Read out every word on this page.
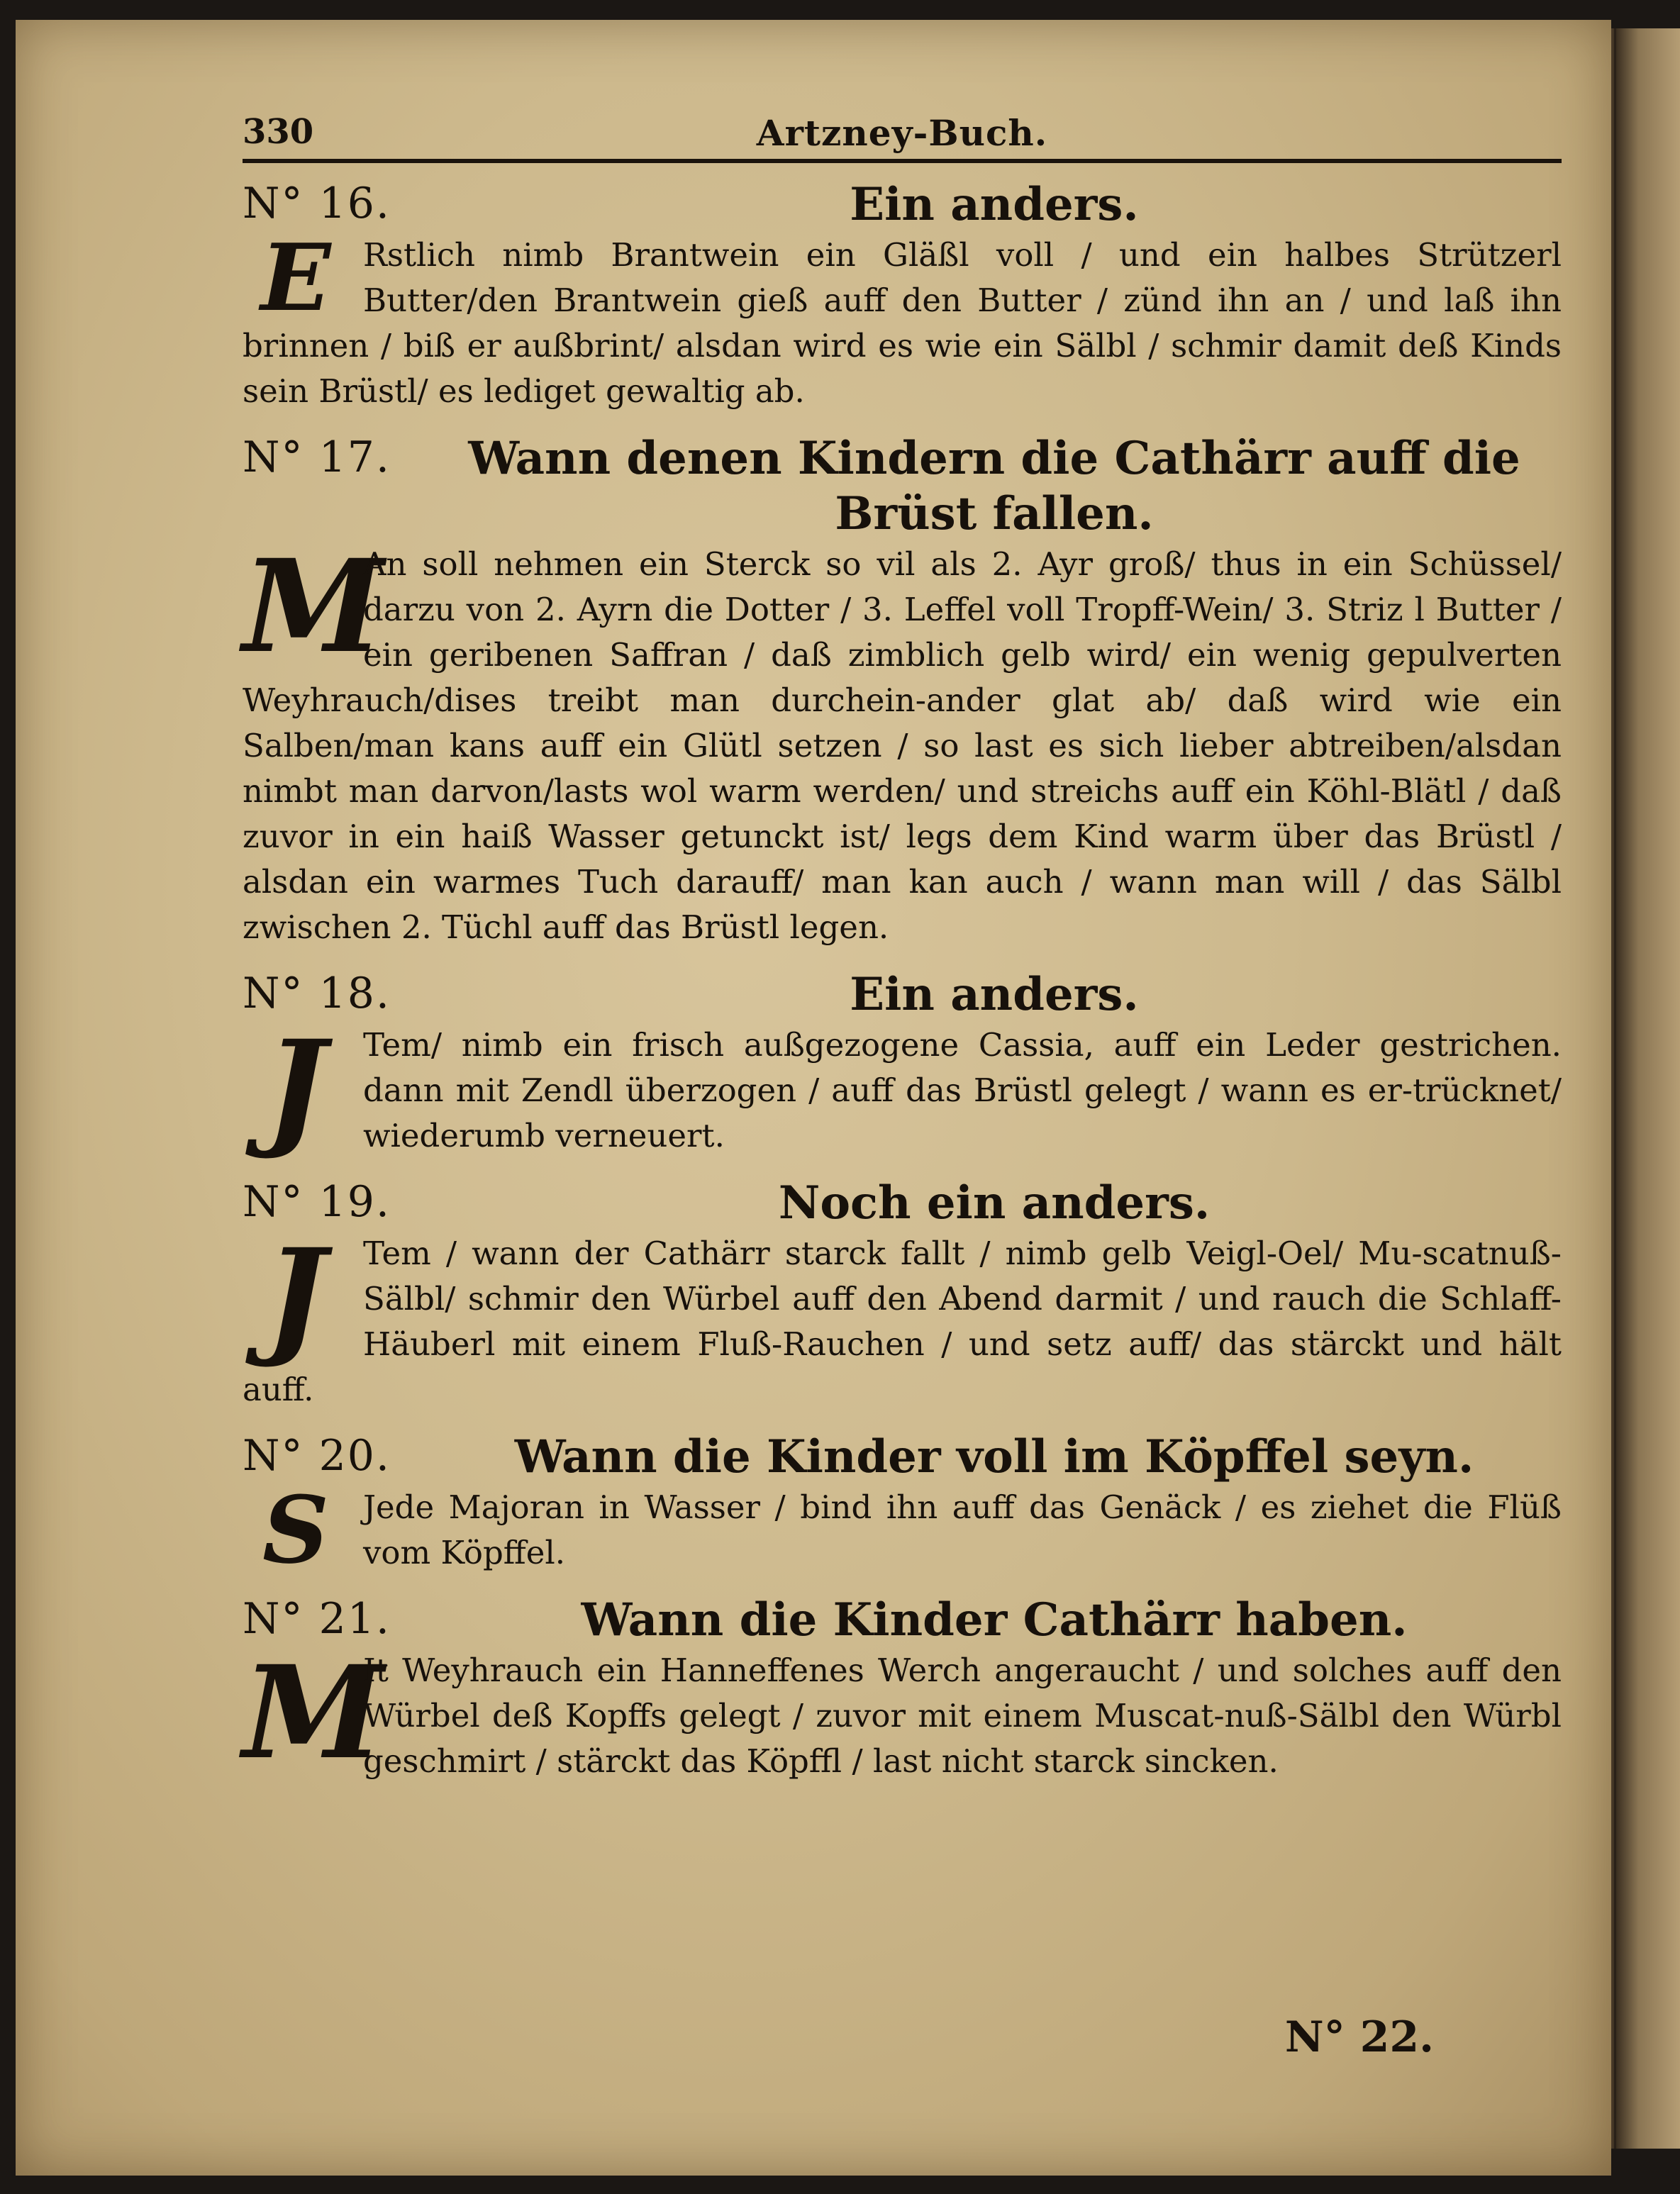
330	Artzney-Buch.
N° 16.	Ein anders.
E	Rstlich nimb Brantwein ein Gläßl voll / und ein halbes Strützerl Butter/den Brantwein gieß auff den Butter / zünd ihn an / und laß ihn brinnen / biß er außbrint/ alsdan wird es wie ein Sälbl / schmir damit deß Kinds sein Brüstl/ es lediget gewaltig ab.
N° 17.	Wann denen Kindern die Cathärr auff die Brüst fallen.
M
An soll nehmen ein Sterck so vil als 2. Ayr groß/ thus in ein Schüssel/ darzu von 2. Ayrn die Dotter / 3. Leffel voll Tropff-Wein/ 3. Striz l Butter / ein geribenen Saffran / daß zimblich gelb wird/ ein wenig gepulverten Weyhrauch/dises treibt man durchein-ander glat ab/ daß wird wie ein Salben/man kans auff ein Glütl setzen / so last es sich lieber abtreiben/alsdan nimbt man darvon/lasts wol warm werden/ und streichs auff ein Köhl-Blätl / daß zuvor in ein haiß Wasser getunckt ist/ legs dem Kind warm über das Brüstl / alsdan ein warmes Tuch darauff/ man kan auch / wann man will / das Sälbl zwischen 2. Tüchl auff das Brüstl legen.
N° 18.	Ein anders.
J	Tem/ nimb ein frisch außgezogene Cassia, auff ein Leder gestrichen. dann mit Zendl überzogen / auff das Brüstl gelegt / wann es er-trücknet/ wiederumb verneuert.
N° 19.	Noch ein anders.
J	Tem / wann der Cathärr starck fallt / nimb gelb Veigl-Oel/ Mu-scatnuß-Sälbl/ schmir den Würbel auff den Abend darmit / und rauch die Schlaff-Häuberl mit einem Fluß-Rauchen / und setz auff/ das stärckt und hält auff.
N° 20.	Wann die Kinder voll im Köpffel seyn.
S	Jede Majoran in Wasser / bind ihn auff das Genäck / es ziehet die Flüß vom Köpffel.
N° 21.	Wann die Kinder Cathärr haben.
M
It Weyhrauch ein Hanneffenes Werch angeraucht / und solches auff den Würbel deß Kopffs gelegt / zuvor mit einem Muscat-nuß-Sälbl den Würbl geschmirt / stärckt das Köpffl / last nicht starck sincken.
N° 22.
